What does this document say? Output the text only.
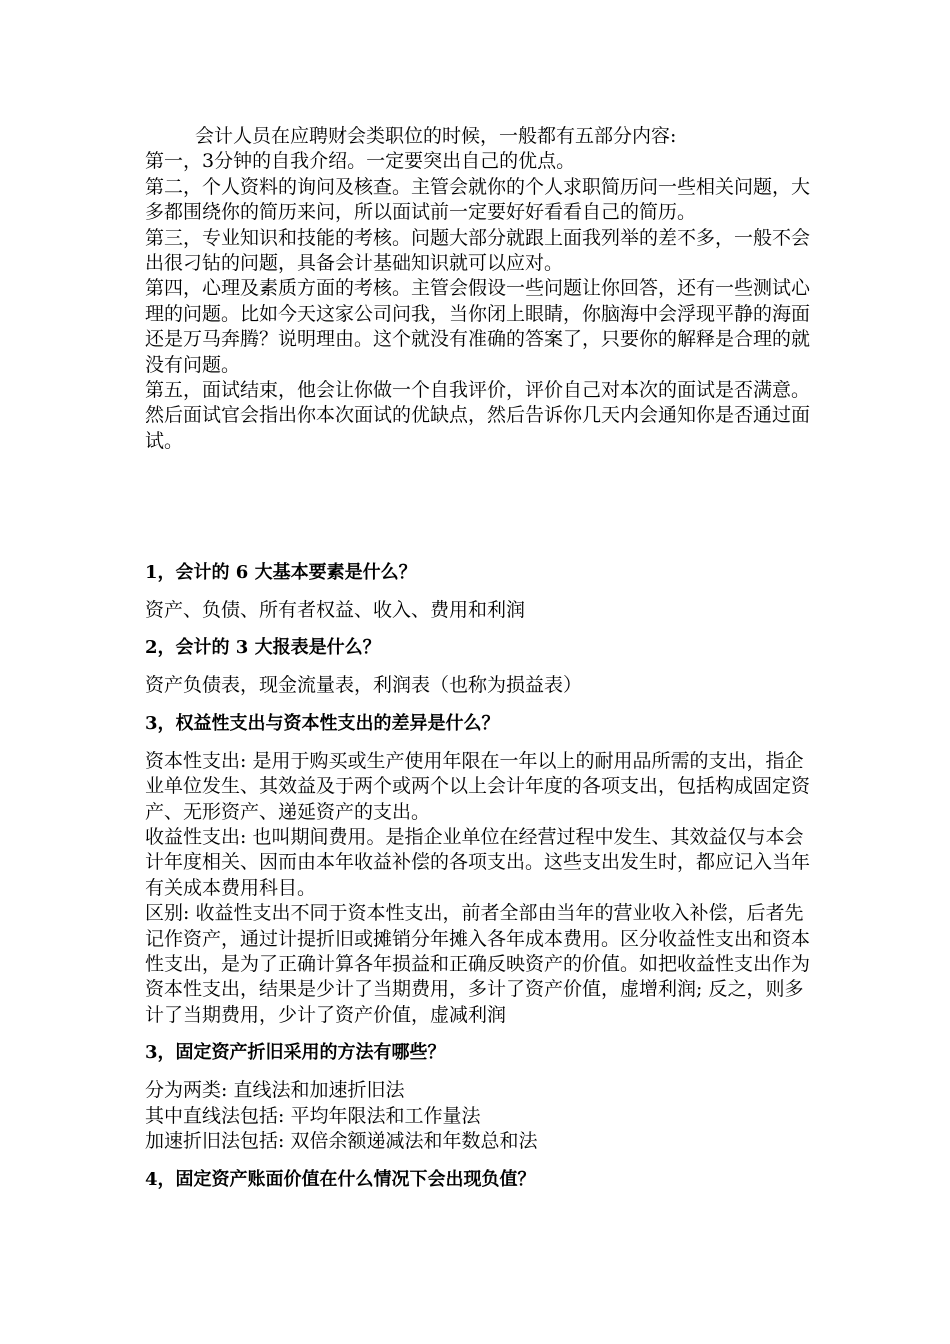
会计人员在应聘财会类职位的时候，一般都有五部分内容:

第一，3分钟的自我介绍。一定要突出自己的优点。

第二，个人资料的询问及核查。主管会就你的个人求职简历问一些相关问题，大多都围绕你的简历来问，所以面试前一定要好好看看自己的简历。

第三，专业知识和技能的考核。问题大部分就跟上面我列举的差不多，一般不会出很刁钻的问题，具备会计基础知识就可以应对。

第四，心理及素质方面的考核。主管会假设一些问题让你回答，还有一些测试心理的问题。比如今天这家公司问我，当你闭上眼睛，你脑海中会浮现平静的海面还是万马奔腾？说明理由。这个就没有准确的答案了，只要你的解释是合理的就没有问题。

第五，面试结束，他会让你做一个自我评价，评价自己对本次的面试是否满意。然后面试官会指出你本次面试的优缺点，然后告诉你几天内会通知你是否通过面试。

1，会计的 6 大基本要素是什么？

资产、负债、所有者权益、收入、费用和利润

2，会计的 3 大报表是什么？

资产负债表，现金流量表，利润表（也称为损益表）

3，权益性支出与资本性支出的差异是什么？

资本性支出: 是用于购买或生产使用年限在一年以上的耐用品所需的支出，指企业单位发生、其效益及于两个或两个以上会计年度的各项支出，包括构成固定资产、无形资产、递延资产的支出。

收益性支出: 也叫期间费用。是指企业单位在经营过程中发生、其效益仅与本会计年度相关、因而由本年收益补偿的各项支出。这些支出发生时，都应记入当年有关成本费用科目。

区别: 收益性支出不同于资本性支出，前者全部由当年的营业收入补偿，后者先记作资产，通过计提折旧或摊销分年摊入各年成本费用。区分收益性支出和资本性支出，是为了正确计算各年损益和正确反映资产的价值。如把收益性支出作为资本性支出，结果是少计了当期费用，多计了资产价值，虚增利润; 反之，则多计了当期费用，少计了资产价值，虚减利润

3，固定资产折旧采用的方法有哪些？

分为两类: 直线法和加速折旧法

其中直线法包括: 平均年限法和工作量法

加速折旧法包括: 双倍余额递减法和年数总和法

4，固定资产账面价值在什么情况下会出现负值？
